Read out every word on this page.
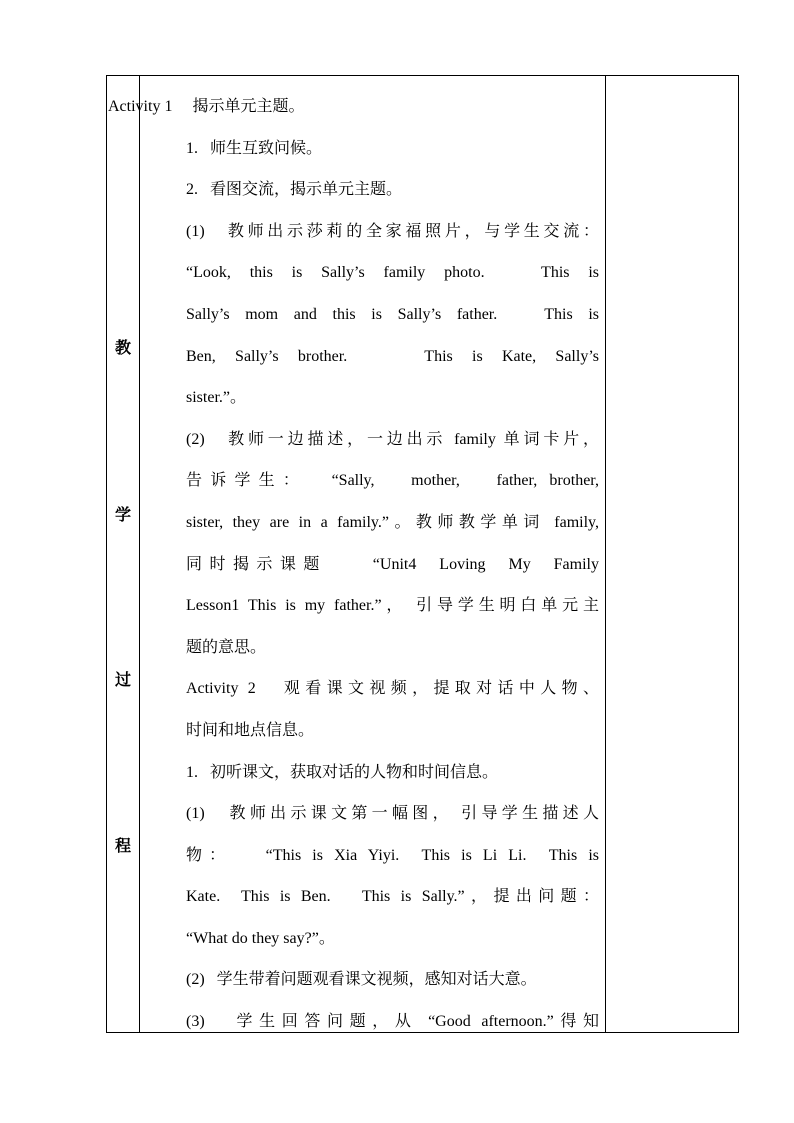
教
学
过
程
Activity 1     揭示单元主题。
1.   师生互致问候。
2.   看图交流，揭示单元主题。
(1)   教师出示莎莉的全家福照片，与学生交流：
“Look, this is Sally’s family photo.   This is
Sally’s mom and this is Sally’s father.   This is
Ben, Sally’s brother.    This is Kate, Sally’s
sister.”。
(2)   教师一边描述，一边出示 family 单词卡片，
告诉学生：  “Sally,   mother,   father, brother,
sister, they are in a family.”。教师教学单词 family,
同时揭示课题    “Unit4  Loving  My  Family
Lesson1 This is my father.”， 引导学生明白单元主
题的意思。
Activity 2   观看课文视频，提取对话中人物、
时间和地点信息。
1.   初听课文，获取对话的人物和时间信息。
(1)   教师出示课文第一幅图， 引导学生描述人
物：   “This is Xia Yiyi.  This is Li Li.  This is
Kate.  This is Ben.   This is Sally.”，提出问题：
“What do they say?”。
(2)   学生带着问题观看课文视频，感知对话大意。
(3)   学生回答问题，从 “Good afternoon.”得知
